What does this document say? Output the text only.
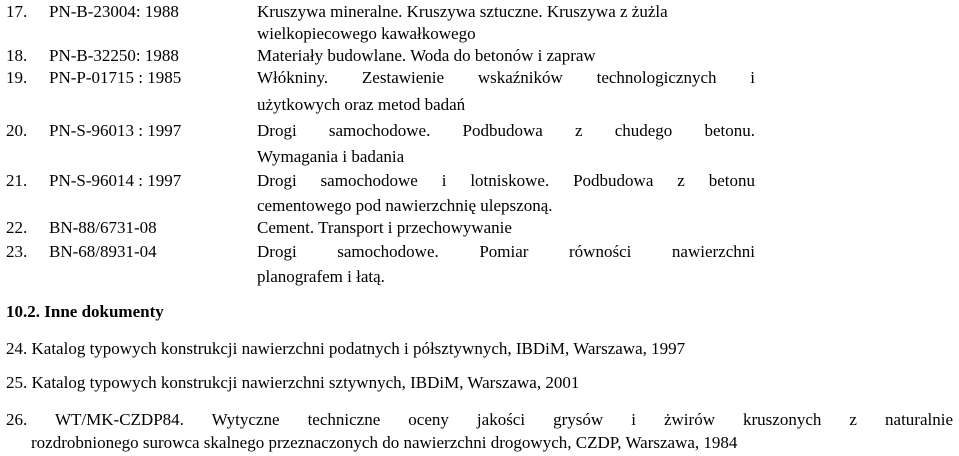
17. PN-B-23004: 1988	Kruszywa mineralne. Kruszywa sztuczne. Kruszywa z żużla
wielkopiecowego kawałkowego
18. PN-B-32250: 1988	Materiały budowlane. Woda do betonów i zapraw
19. PN-P-01715 : 1985	Włókniny. Zestawienie wskaźników technologicznych i
użytkowych oraz metod badań
20. PN-S-96013 : 1997	Drogi samochodowe. Podbudowa z chudego betonu.
Wymagania i badania
21. PN-S-96014 : 1997	Drogi samochodowe i lotniskowe. Podbudowa z betonu
cementowego pod nawierzchnię ulepszoną.
22. BN-88/6731-08	Cement. Transport i przechowywanie
23. BN-68/8931-04	Drogi samochodowe. Pomiar równości nawierzchni
planografem i łatą.
10.2. Inne dokumenty
24. Katalog typowych konstrukcji nawierzchni podatnych i półsztywnych, IBDiM, Warszawa, 1997
25. Katalog typowych konstrukcji nawierzchni sztywnych, IBDiM, Warszawa, 2001
26. WT/MK-CZDP84. Wytyczne techniczne oceny jakości grysów i żwirów kruszonych z naturalnie
rozdrobnionego surowca skalnego przeznaczonych do nawierzchni drogowych, CZDP, Warszawa, 1984
